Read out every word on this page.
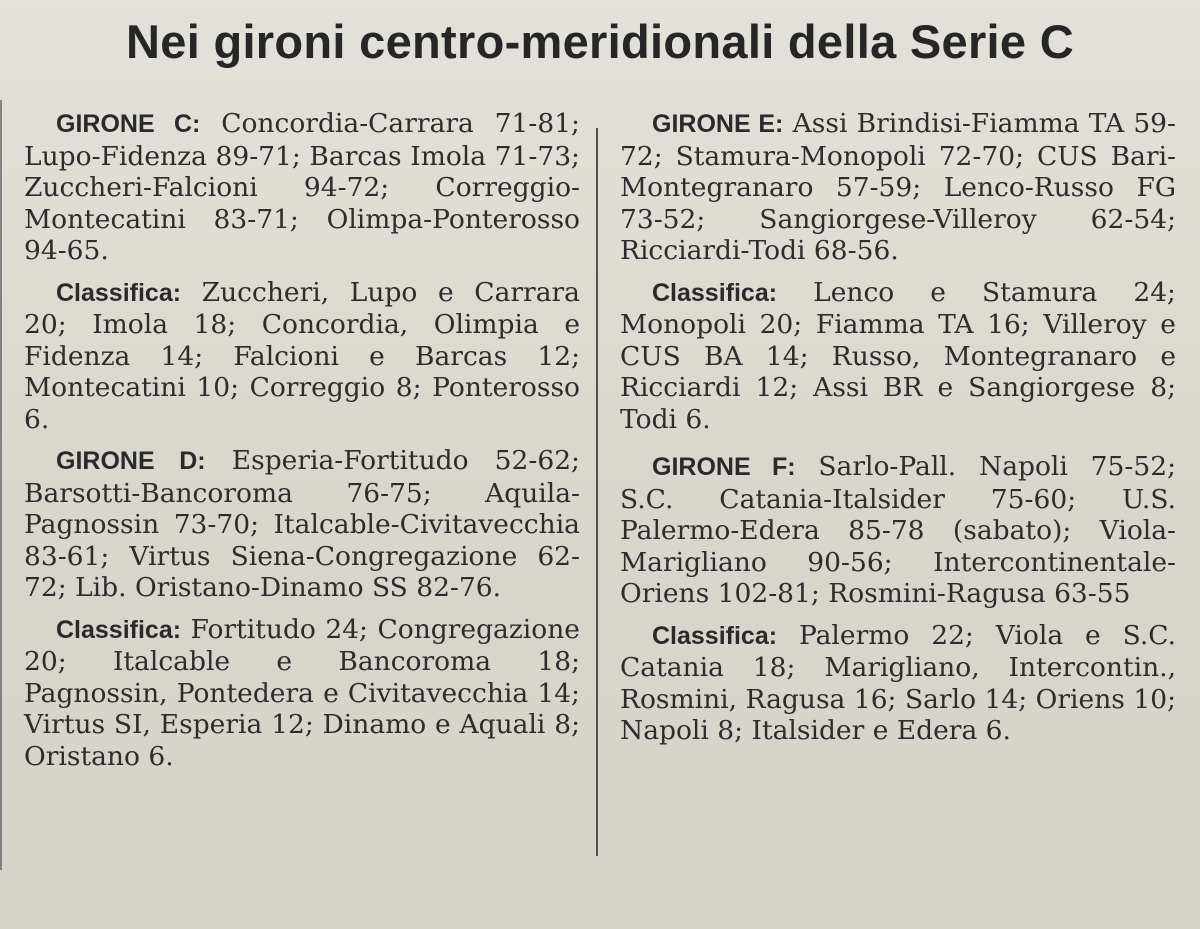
Nei gironi centro-meridionali della Serie C

GIRONE C: Concordia-Carrara 71-81; Lupo-Fidenza 89-71; Barcas Imola 71-73; Zuccheri-Falcioni 94-72; Correggio-Montecatini 83-71; Olimpa-Ponterosso 94-65.

Classifica: Zuccheri, Lupo e Carrara 20; Imola 18; Concordia, Olimpia e Fidenza 14; Falcioni e Barcas 12; Montecatini 10; Correggio 8; Ponterosso 6.

GIRONE D: Esperia-Fortitudo 52-62; Barsotti-Bancoroma 76-75; Aquila-Pagnossin 73-70; Italcable-Civitavecchia 83-61; Virtus Siena-Congregazione 62-72; Lib. Oristano-Dinamo SS 82-76.

Classifica: Fortitudo 24; Congregazione 20; Italcable e Bancoroma 18; Pagnossin, Pontedera e Civitavecchia 14; Virtus SI, Esperia 12; Dinamo e Aquali 8; Oristano 6.

GIRONE E: Assi Brindisi-Fiamma TA 59-72; Stamura-Monopoli 72-70; CUS Bari-Montegranaro 57-59; Lenco-Russo FG 73-52; Sangiorgese-Villeroy 62-54; Ricciardi-Todi 68-56.

Classifica: Lenco e Stamura 24; Monopoli 20; Fiamma TA 16; Villeroy e CUS BA 14; Russo, Montegranaro e Ricciardi 12; Assi BR e Sangiorgese 8; Todi 6.

GIRONE F: Sarlo-Pall. Napoli 75-52; S.C. Catania-Italsider 75-60; U.S. Palermo-Edera 85-78 (sabato); Viola-Marigliano 90-56; Intercontinentale-Oriens 102-81; Rosmini-Ragusa 63-55

Classifica: Palermo 22; Viola e S.C. Catania 18; Marigliano, Intercontin., Rosmini, Ragusa 16; Sarlo 14; Oriens 10; Napoli 8; Italsider e Edera 6.
